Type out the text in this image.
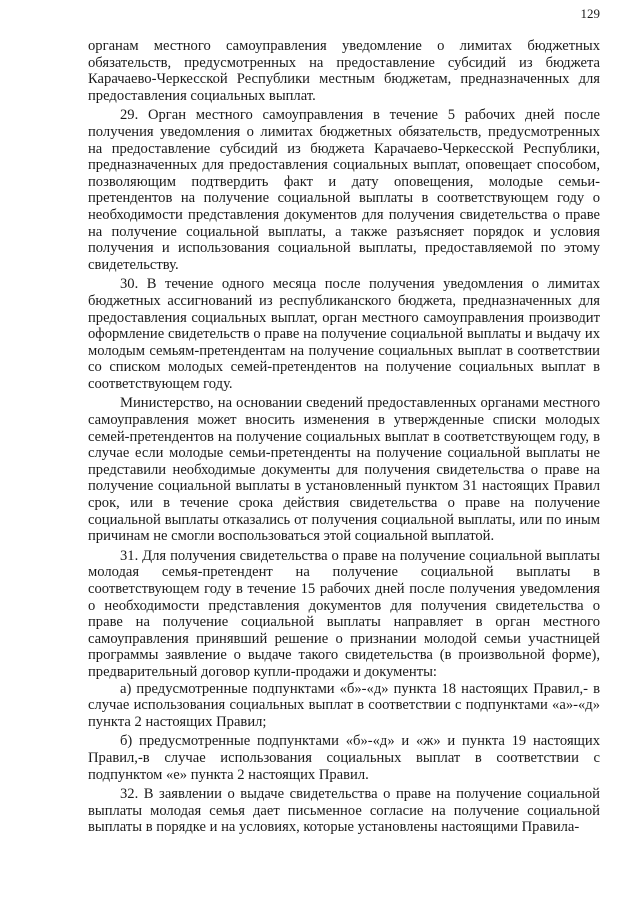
129

органам местного самоуправления уведомление о лимитах бюджетных обязательств, предусмотренных на предоставление субсидий из бюджета Карачаево-Черкесской Республики местным бюджетам, предназначенных для предоставления социальных выплат.

29. Орган местного самоуправления в течение 5 рабочих дней после получения уведомления о лимитах бюджетных обязательств, предусмотренных на предоставление субсидий из бюджета Карачаево-Черкесской Республики, предназначенных для предоставления социальных выплат, оповещает способом, позволяющим подтвердить факт и дату оповещения, молодые семьи-претендентов на получение социальной выплаты в соответствующем году о необходимости представления документов для получения свидетельства о праве на получение социальной выплаты, а также разъясняет порядок и условия получения и использования социальной выплаты, предоставляемой по этому свидетельству.

30. В течение одного месяца после получения уведомления о лимитах бюджетных ассигнований из республиканского бюджета, предназначенных для предоставления социальных выплат, орган местного самоуправления производит оформление свидетельств о праве на получение социальной выплаты и выдачу их молодым семьям-претендентам на получение социальных выплат в соответствии со списком молодых семей-претендентов на получение социальных выплат в соответствующем году.

Министерство, на основании сведений предоставленных органами местного самоуправления может вносить изменения в утвержденные списки молодых семей-претендентов на получение социальных выплат в соответствующем году, в случае если молодые семьи-претенденты на получение социальной выплаты не представили необходимые документы для получения свидетельства о праве на получение социальной выплаты в установленный пунктом 31 настоящих Правил срок, или в течение срока действия свидетельства о праве на получение социальной выплаты отказались от получения социальной выплаты, или по иным причинам не смогли воспользоваться этой социальной выплатой.

31. Для получения свидетельства о праве на получение социальной выплаты молодая семья-претендент на получение социальной выплаты в соответствующем году в течение 15 рабочих дней после получения уведомления о необходимости представления документов для получения свидетельства о праве на получение социальной выплаты направляет в орган местного самоуправления принявший решение о признании молодой семьи участницей программы заявление о выдаче такого свидетельства (в произвольной форме), предварительный договор купли-продажи и документы:

а) предусмотренные подпунктами «б»-«д» пункта 18 настоящих Правил,- в случае использования социальных выплат в соответствии с подпунктами «а»-«д» пункта 2 настоящих Правил;

б) предусмотренные подпунктами «б»-«д» и «ж» и пункта 19 настоящих Правил,-в случае использования социальных выплат в соответствии с подпунктом «е» пункта 2 настоящих Правил.

32. В заявлении о выдаче свидетельства о праве на получение социальной выплаты молодая семья дает письменное согласие на получение социальной выплаты в порядке и на условиях, которые установлены настоящими Правила-
